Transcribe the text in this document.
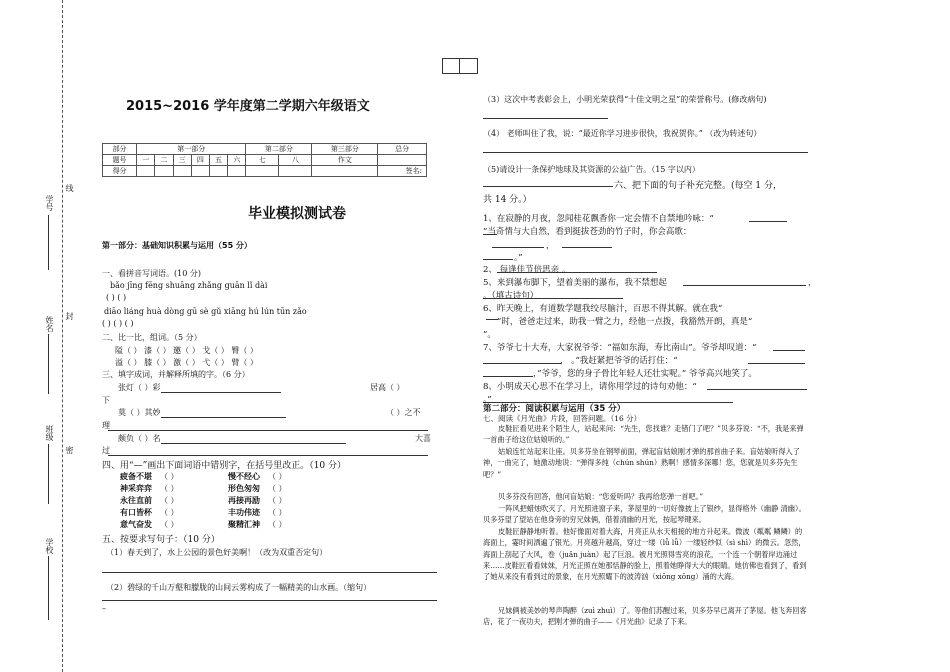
学号
姓名
班级
学校
线
封
密
2015~2016 学年度第二学期六年级语文
毕业模拟测试卷
部分	第一部分						第二部分		第三部分	总分
题号	一	二	三	四	五	六	七	八	作文	
得分										签名:
第一部分：基础知识积累与运用（55 分）
一、看拼音写词语。(10 分)
bǎo jīng fēng shuāng zhǎng guān lǐ dài
( ) ( )
diāo liáng huà dòng gū sè gǔ xiāng hú lún tūn zǎo
( ) ( ) ( )
二、比一比，组词。（5 分）
隘（ ） 漆（ ） 邀（ ） 戈（ ） 臀（ ）
溢（ ） 膝（ ） 激（ ） 弋（ ） 臂（ ）
三、填字成词，并解释所填的字。（6 分）
张灯（ ）彩	居高（ ）
下
莫（ ）其妙	（ ）之不
理
颇负（ ）名	大喜
过
四、用“—”画出下面词语中错别字，在括号里改正。（10 分）
疲备不堪 （ ）	慢不经心 （ ）
神采弈弈 （ ）	形色匆匆 （ ）
永往直前 （ ）	再接再励 （ ）
有口皆杯 （ ）	丰功伟迹 （ ）
意气奋发 （ ）	聚精汇神 （ ）
五、按要求写句子：（10 分）
（1）春天到了，水上公园的景色好美啊！（改为双重否定句）
（2）碧绿的千山万壑和朦胧的山间云雾构成了一幅精美的山水画。（缩句）
–
（3）这次中考表彰会上，小明光荣获得“十佳文明之星”的荣誉称号。(修改病句)
（4） 老师叫住了我，说：“最近你学习进步很快，我祝贺你。” （改为转述句）
（5)请设计一条保护地球及其资源的公益广告。（15 字以内）
六、把下面的句子补充完整。(每空 1 分，
共 14 分。）
1、在寂静的月夜，忽闻桂花飘香你一定会情不自禁地吟咏：“
”当奇情与大自然，看到挺拔苍劲的竹子时，你会高歌：
，
。”
2、 每逢佳节倍思亲 。
5、来到瀑布脚下，望着美丽的瀑布，我不禁想起	，
。（填古诗句）
6、昨天晚上，有道数学题我绞尽脑汁，百思不得其解。就在我“
”时，爸爸走过来，助我一臂之力，经他一点拨，我豁然开朗，真是“
”。
7、爷爷七十大寿，大家祝爷爷：“福如东海，寿比南山”。爷爷却叹道：“
， 。”我赶紧把爷爷的话打住：“
，”爷爷，您的身子骨比年轻人还壮实呢。” 爷爷高兴地笑了。
8、小明成天心思不在学习上，请你用学过的诗句劝他：“
。”
第二部分：阅读积累与运用（35 分）
七、阅读《月光曲》片段，回答问题。（16 分）
皮鞋匠看见进来个陌生人，站起来问：“先生，您找谁？走错门了吧？”贝多芬说：“不，我是来弹一首曲子给这位姑娘听的。”
姑娘连忙站起来让座。贝多芬坐在钢琴前面，弹起盲姑娘刚才弹的那首曲子来。盲姑娘听得入了神，一曲完了，她激动地说：“弹得多纯（chún shún）熟啊！感情多深哪！您，您就是贝多芬先生吧？”
贝多芬没有回答，他问盲姑娘：“您爱听吗？我再给您弹一首吧。”
一阵风把蜡烛吹灭了。月光照进窗子来，茅屋里的一切好像披上了银纱，显得格外（幽静 清幽）。贝多芬望了望站在他身旁的穷兄妹俩，借着清幽的月光，按起琴键来。
皮鞋匠静静地听着。他好像面对着大海，月亮正从水天相接的地方升起来。微波（粼粼 鳞鳞）的海面上，霎时间洒遍了银光。月亮越升越高，穿过一缕（lǚ lǚ）一缕轻纱似（sì shì）的微云。忽然，海面上刮起了大风，卷（juǎn juàn）起了巨浪。被月光照得雪亮的浪花，一个连一个朝着岸边涌过来……皮鞋匠看看妹妹，月光正照在她那恬静的脸上，照着她睁得大大的眼睛。她仿佛也看到了，看到了她从来没有看到过的景象，在月光照耀下的波涛汹（xiōng xōng）涌的大海。
兄妹俩被美妙的琴声陶醉（zuì zhuì）了。等他们苏醒过来，贝多芬早已离开了茅屋。他飞奔回客店，花了一夜功夫，把刚才弹的曲子——《月光曲》记录了下来。
